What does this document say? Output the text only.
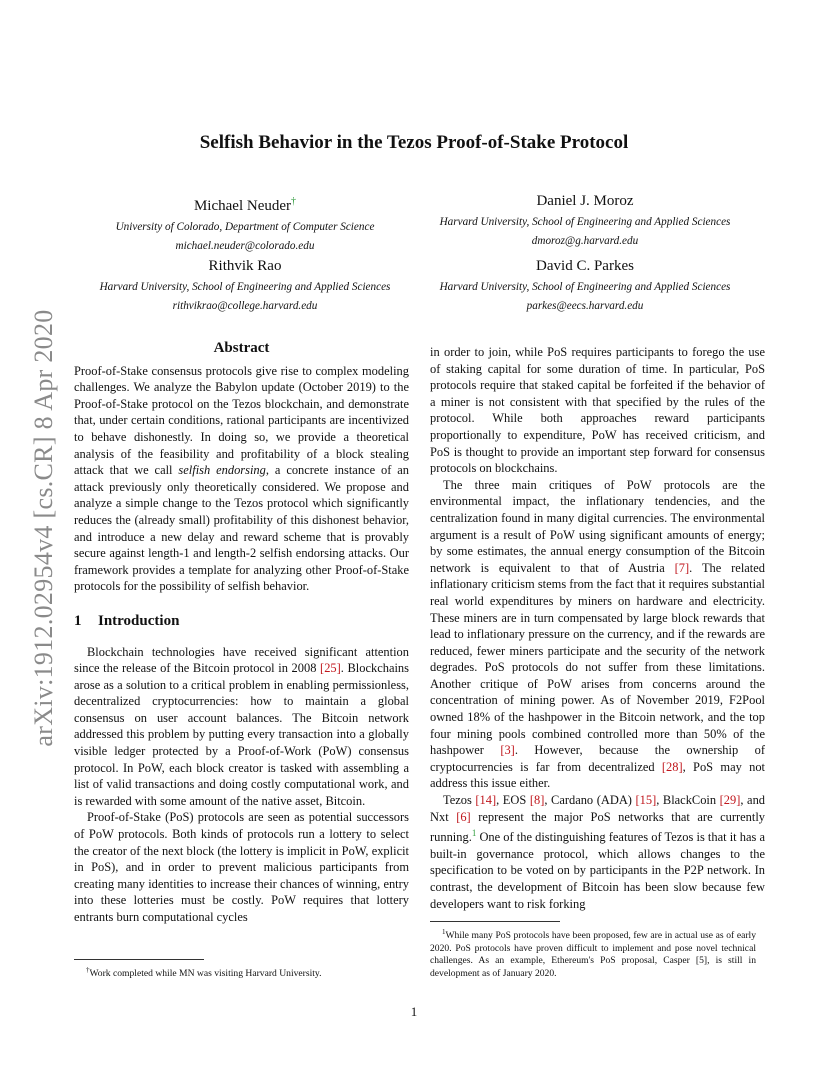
arXiv:1912.02954v4 [cs.CR] 8 Apr 2020
Selfish Behavior in the Tezos Proof-of-Stake Protocol
Michael Neuder†
University of Colorado, Department of Computer Science
michael.neuder@colorado.edu
Daniel J. Moroz
Harvard University, School of Engineering and Applied Sciences
dmoroz@g.harvard.edu
Rithvik Rao
Harvard University, School of Engineering and Applied Sciences
rithvikrao@college.harvard.edu
David C. Parkes
Harvard University, School of Engineering and Applied Sciences
parkes@eecs.harvard.edu
Abstract

Proof-of-Stake consensus protocols give rise to complex modeling challenges. We analyze the Babylon update (October 2019) to the Proof-of-Stake protocol on the Tezos blockchain, and demonstrate that, under certain conditions, rational participants are incentivized to behave dishonestly. In doing so, we provide a theoretical analysis of the feasibility and profitability of a block stealing attack that we call selfish endorsing, a concrete instance of an attack previously only theoretically considered. We propose and analyze a simple change to the Tezos protocol which significantly reduces the (already small) profitability of this dishonest behavior, and introduce a new delay and reward scheme that is provably secure against length-1 and length-2 selfish endorsing attacks. Our framework provides a template for analyzing other Proof-of-Stake protocols for the possibility of selfish behavior.

1 Introduction

Blockchain technologies have received significant attention since the release of the Bitcoin protocol in 2008 [25]. Blockchains arose as a solution to a critical problem in enabling permissionless, decentralized cryptocurrencies: how to maintain a global consensus on user account balances. The Bitcoin network addressed this problem by putting every transaction into a globally visible ledger protected by a Proof-of-Work (PoW) consensus protocol. In PoW, each block creator is tasked with assembling a list of valid transactions and doing costly computational work, and is rewarded with some amount of the native asset, Bitcoin.

Proof-of-Stake (PoS) protocols are seen as potential successors of PoW protocols. Both kinds of protocols run a lottery to select the creator of the next block (the lottery is implicit in PoW, explicit in PoS), and in order to prevent malicious participants from creating many identities to increase their chances of winning, entry into these lotteries must be costly. PoW requires that lottery entrants burn computational cycles

†Work completed while MN was visiting Harvard University.

in order to join, while PoS requires participants to forego the use of staking capital for some duration of time. In particular, PoS protocols require that staked capital be forfeited if the behavior of a miner is not consistent with that specified by the rules of the protocol. While both approaches reward participants proportionally to expenditure, PoW has received criticism, and PoS is thought to provide an important step forward for consensus protocols on blockchains.

The three main critiques of PoW protocols are the environmental impact, the inflationary tendencies, and the centralization found in many digital currencies. The environmental argument is a result of PoW using significant amounts of energy; by some estimates, the annual energy consumption of the Bitcoin network is equivalent to that of Austria [7]. The related inflationary criticism stems from the fact that it requires substantial real world expenditures by miners on hardware and electricity. These miners are in turn compensated by large block rewards that lead to inflationary pressure on the currency, and if the rewards are reduced, fewer miners participate and the security of the network degrades. PoS protocols do not suffer from these limitations. Another critique of PoW arises from concerns around the concentration of mining power. As of November 2019, F2Pool owned 18% of the hashpower in the Bitcoin network, and the top four mining pools combined controlled more than 50% of the hashpower [3]. However, because the ownership of cryptocurrencies is far from decentralized [28], PoS may not address this issue either.

Tezos [14], EOS [8], Cardano (ADA) [15], BlackCoin [29], and Nxt [6] represent the major PoS networks that are currently running.$^1$ One of the distinguishing features of Tezos is that it has a built-in governance protocol, which allows changes to the specification to be voted on by participants in the P2P network. In contrast, the development of Bitcoin has been slow because few developers want to risk forking

$^1$While many PoS protocols have been proposed, few are in actual use as of early 2020. PoS protocols have proven difficult to implement and pose novel technical challenges. As an example, Ethereum's PoS proposal, Casper [5], is still in development as of January 2020.
1
